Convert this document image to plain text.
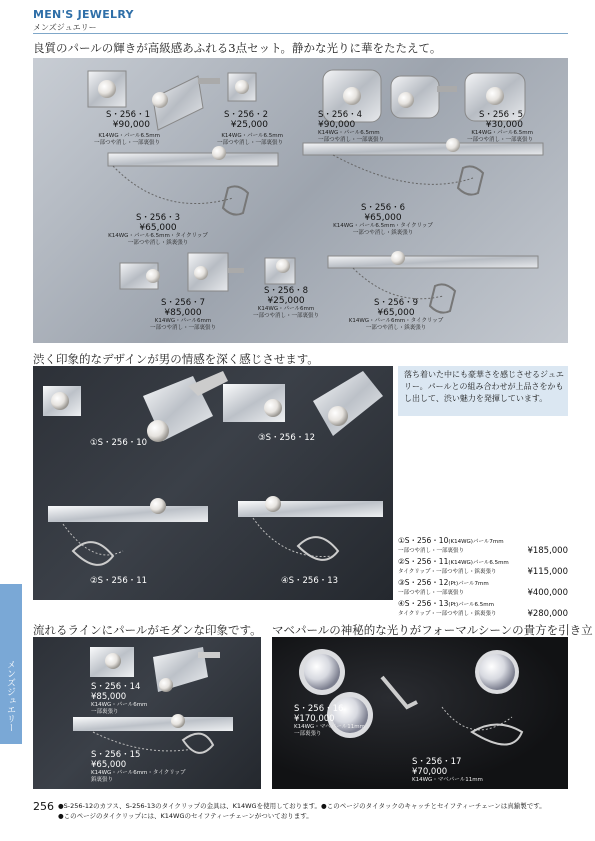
MEN'S JEWELRY
メンズジュエリー
良質のパールの輝きが高級感あふれる3点セット。静かな光りに華をたたえて。
S・256・1
¥90,000
K14WG・パール6.5mm
一部つや消し・一部裏張り
S・256・2
¥25,000
K14WG・パール6.5mm
一部つや消し・一部裏張り
S・256・4
¥90,000
K14WG・パール6.5mm
一部つや消し・一部裏張り
S・256・5
¥30,000
K14WG・パール6.5mm
一部つや消し・一部裏張り
S・256・3
¥65,000
K14WG・パール6.5mm・タイクリップ
一部つや消し・鋲裏張り
S・256・6
¥65,000
K14WG・パール6.5mm・タイクリップ
一部つや消し・鋲裏張り
S・256・7
¥85,000
K14WG・パール6mm
一部つや消し・一部裏張り
S・256・8
¥25,000
K14WG・パール6mm
一部つや消し・一部裏張り
S・256・9
¥65,000
K14WG・パール6mm・タイクリップ
一部つや消し・鋲裏張り
渋く印象的なデザインが男の情感を深く感じさせます。
①S・256・10	③S・256・12
②S・256・11	④S・256・13
落ち着いた中にも豪華さを感じさせるジュエリー。パールとの組み合わせが上品さをかもし出して、渋い魅力を発揮しています。
①S・256・10(K14WG)パール7mm
一部つや消し・一部裏張り	¥185,000
②S・256・11(K14WG)パール6.5mm
タイクリップ・一部つや消し・鋲裏張り	¥115,000
③S・256・12(Pt)パール7mm
一部つや消し・一部裏張り	¥400,000
④S・256・13(Pt)パール6.5mm
タイクリップ・一部つや消し・鋲裏張り	¥280,000
メンズジュエリー
流れるラインにパールがモダンな印象です。
S・256・14
¥85,000
K14WG・パール6mm
一部裏張り
S・256・15
¥65,000
K14WG・パール6mm・タイクリップ
鋲裏張り
マベパールの神秘的な光りがフォーマルシーンの貴方を引き立
S・256・16
¥170,000
K14WG・マベパール11mm
一部裏張り
S・256・17
¥70,000
K14WG・マベパール11mm
256 ●S-256-12のカフス、S-256-13のタイクリップの金具は、K14WGを使用しております。●このページのタイタックのキャッチとセイフティーチェーンは真鍮製です。
●このページのタイクリップには、K14WGのセイフティーチェーンがついております。
